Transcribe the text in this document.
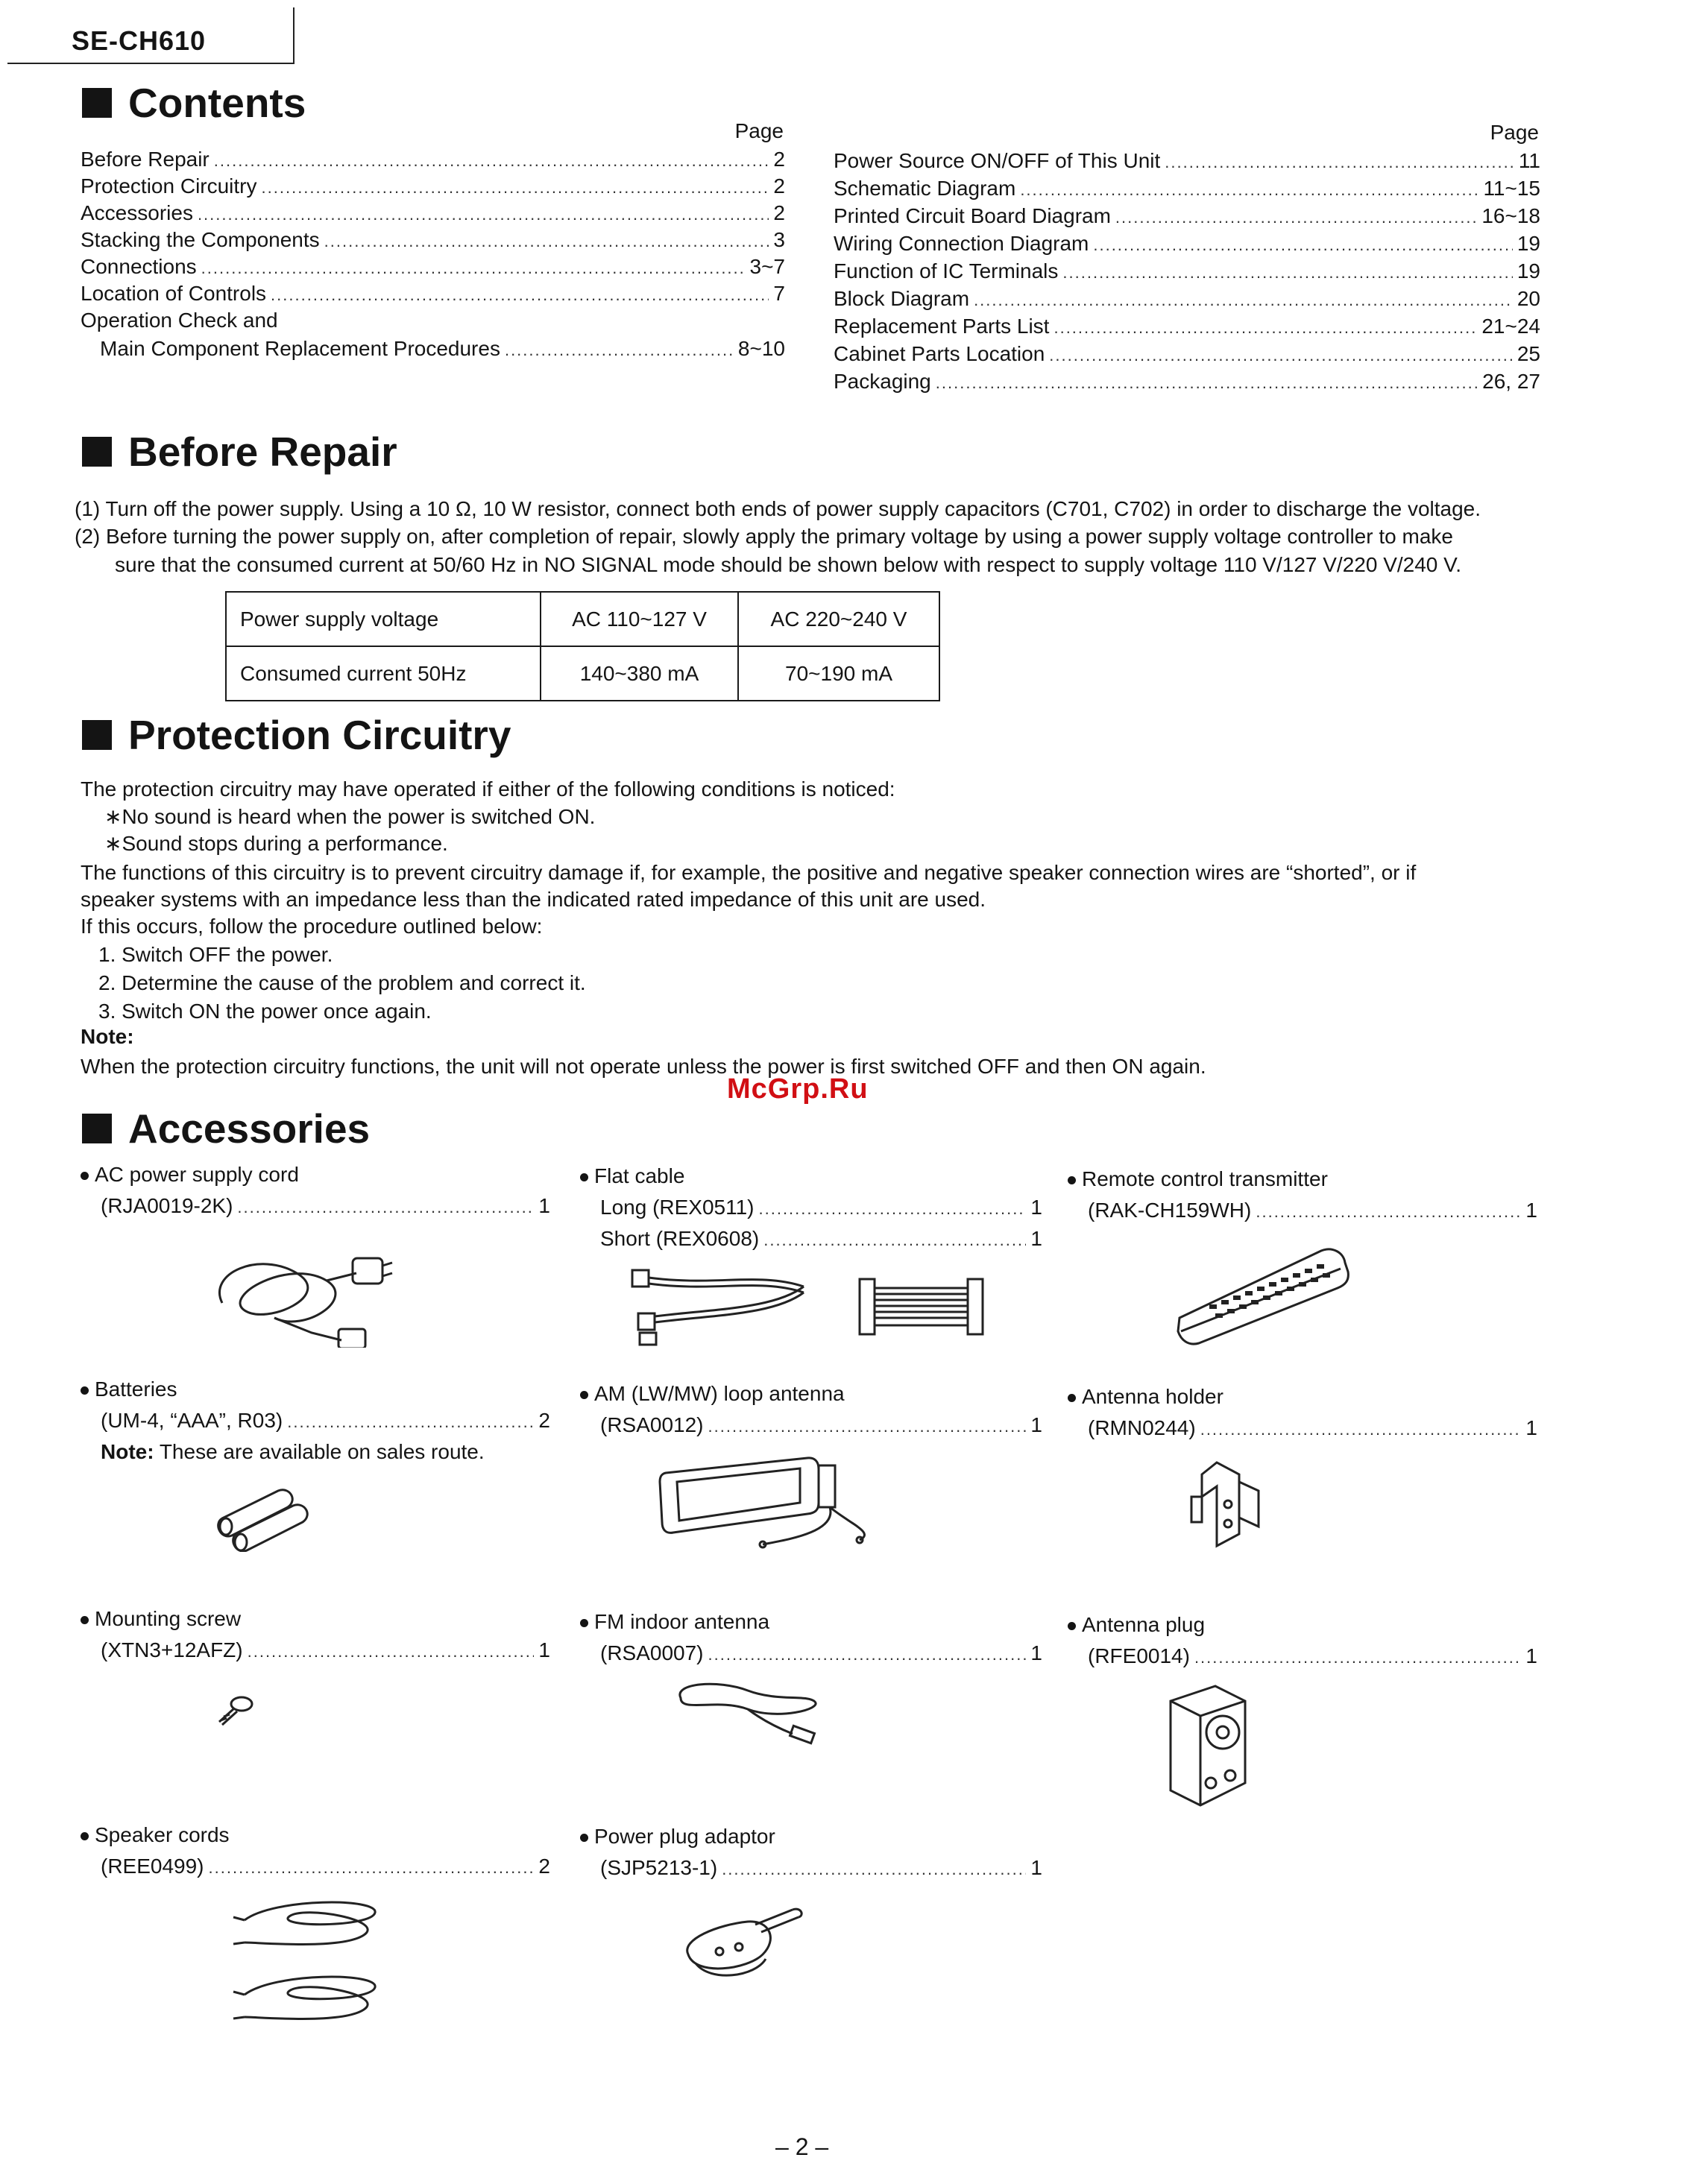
SE-CH610
Contents
Page
Before Repair .....	2
Protection Circuitry .....	2
Accessories .....	2
Stacking the Components .....	3
Connections .....	3~7
Location of Controls .....	7
Operation Check and
Main Component Replacement Procedures .....	8~10
Page
Power Source ON/OFF of This Unit .....	11
Schematic Diagram .....	11~15
Printed Circuit Board Diagram .....	16~18
Wiring Connection Diagram .....	19
Function of IC Terminals .....	19
Block Diagram .....	20
Replacement Parts List .....	21~24
Cabinet Parts Location .....	25
Packaging .....	26, 27
Before Repair
(1) Turn off the power supply. Using a 10 Ω, 10 W resistor, connect both ends of power supply capacitors (C701, C702) in order to discharge the voltage.
(2) Before turning the power supply on, after completion of repair, slowly apply the primary voltage by using a power supply voltage controller to make
sure that the consumed current at 50/60 Hz in NO SIGNAL mode should be shown below with respect to supply voltage 110 V/127 V/220 V/240 V.
Power supply voltage	AC 110~127 V	AC 220~240 V
Consumed current 50Hz	140~380 mA	70~190 mA
Protection Circuitry
The protection circuitry may have operated if either of the following conditions is noticed:
∗No sound is heard when the power is switched ON.
∗Sound stops during a performance.
The functions of this circuitry is to prevent circuitry damage if, for example, the positive and negative speaker connection wires are “shorted”, or if
speaker systems with an impedance less than the indicated rated impedance of this unit are used.
If this occurs, follow the procedure outlined below:
1. Switch OFF the power.
2. Determine the cause of the problem and correct it.
3. Switch ON the power once again.
Note:
When the protection circuitry functions, the unit will not operate unless the power is first switched OFF and then ON again.
McGrp.Ru
Accessories
AC power supply cord
(RJA0019-2K) .....	1
Batteries
(UM-4, “AAA”, R03) .....	2
Note: These are available on sales route.
Mounting screw
(XTN3+12AFZ) .....	1
Speaker cords
(REE0499) .....	2
Flat cable
Long (REX0511) .....	1
Short (REX0608) .....	1
AM (LW/MW) loop antenna
(RSA0012) .....	1
FM indoor antenna
(RSA0007) .....	1
Power plug adaptor
(SJP5213-1) .....	1
Remote control transmitter
(RAK-CH159WH) .....	1
Antenna holder
(RMN0244) .....	1
Antenna plug
(RFE0014) .....	1
– 2 –
